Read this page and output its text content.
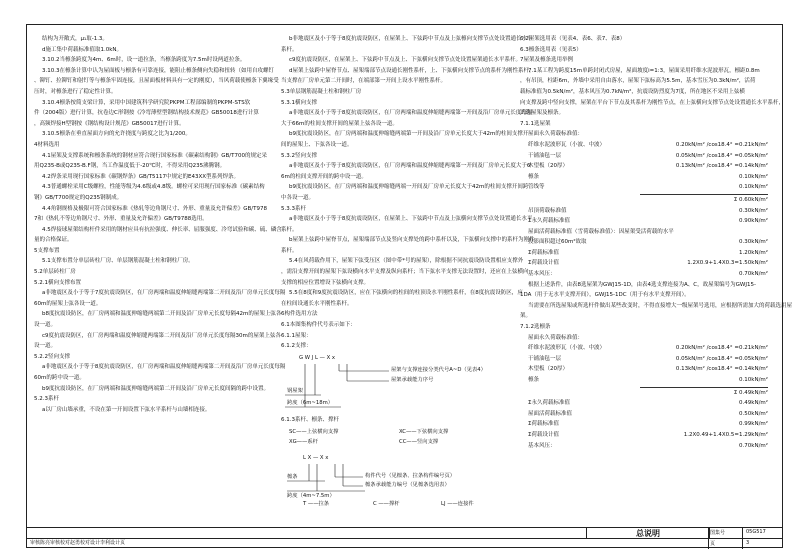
结构为开敞式，μ₁取-1.3。

d施工集中荷载标准值取1.0kN。

3.10.2当檩条跨度为4m、6m时，设一道拉条，当檩条跨度为7.5m时设两道拉条。

3.10.3在檩条计算中认为屋面板与檩条有可靠连接，能阻止檩条侧向失稳和扭转（如用自攻螺钉

、铆钉、拉铆钉和射钉等与檩条牢固连接，且屋面板材料具有一定的刚度），当风荷载使檩条下翼缘受

压时，对檩条进行了稳定性计算。

3.10.4檩条按简支梁计算，采用中国建筑科学研究院PKPM工程部编制的PKPM-STS软

件（2004版）进行计算，抗卷边C形钢按《冷弯薄壁型钢结构技术规范》GB50018进行计算

，高频焊接H型钢按《钢结构设计规范》GB50017进行计算。

3.10.5檩条在垂直屋面方向的允许挠度与跨度之比为1/200。

4材料选用

4.1屋架及支撑系统和檩条系统的钢材应符合现行国家标准《碳素结构钢》GB/T700的规定采

用Q235-B或Q235-B.F钢，当工作温度低于-20℃时，不得采用Q235沸腾钢。

4.2焊条采用现行国家标准《碳钢焊条》GB/T5117中规定的E43XX型系列焊条。

4.3普通螺栓采用C级螺栓，性能等级为4.6级或4.8级。螺栓可采用现行国家标准《碳素结构

钢》GB/T700规定的Q235钢制成。

4.4角钢规格及极限可符合国家标准《热轧等边角钢尺寸、外形、重量及允许偏差》GB/T978

7和《热轧不等边角钢尺寸、外形、重量及允许偏差》GB/T9788选用。

4.5焊接球屋架结构杆件采用的钢材应具有抗拉强度、伸长率、屈服强度、冷弯试验和碳、硫、磷含

量的合格保证。

5支撑布置

5.1支撑布置分单层砖柱厂房、单层钢筋混凝土柱和钢柱厂房。

5.2单层砖柱厂房

5.2.1横向支撑布置

a非地震区及小于等于7度抗震设防区，在厂房两端和温度伸缩缝两端第二开间及沿厂房单元长度每隔

60m的屋架上弦各设一道。

b8度抗震设防区，在厂房两端和温度伸缩缝两端第二开间及沿厂房单元长度每隔42m的屋架上弦各

设一道。

c9度抗震设防区，在厂房两端和温度伸缩缝两端第二开间及沿厂房单元长度每隔30m的屋架上弦各

设一道。

5.2.2竖向支撑

a非地震区及小于等于8度抗震设防区，在厂房两端和温度伸缩缝两端第二开间及沿厂房单元长度每隔

60m的跨中设一道。

b9度抗震设防区，在厂房两端和温度伸缩缝两端第二开间及沿厂房单元长度间隔的跨中设置。

5.2.3系杆

a以厂房山墙承重，不设在第一开间设置下弦水平系杆与山墙相连接。

b非地震区及小于等于8度抗震设防区，在屋架上、下弦跨中节点及上弦檩向支撑节点处设置通长水平

系杆。

c9度抗震设防区，在屋架上、下弦跨中节点及上、下弦横向支撑节点处设置屋架通长水平系杆。

d屋架上弦跨中屋脊节点、屋架端部节点设通长刚性系杆，上、下弦横向支撑节点的系杆为刚性系杆，

当支撑在厂房单元第二开间时，在端部第一开间上设水平刚性系杆。

5.3单层钢筋混凝土柱和钢柱厂房

5.3.1横向支撑

a非地震区及小于等于8度抗震设防区，在厂房两端和温度伸缩缝两端第一开间及沿厂房单元长度每隔

大于66m的柱间支撑开间的屋架上弦各设一道。

b9度抗震设防区，在厂房两端和温度伸缩缝两端第一开间及沿厂房单元长度大于42m的柱间支撑开

间的屋架上、下弦各设一道。

5.3.2竖向支撑

a非地震区及小于等于8度抗震设防区，在厂房两端和温度伸缩缝两端第一开间及厂房单元长度大于6

6m的柱间支撑开间的跨中设一道。

b9度抗震设防区，在厂房两端和温度伸缩缝两端一开间及厂房单元长度大于42m的柱间支撑开间跨

中各设一道。

5.3.3系杆

a非地震区及小于等于8度抗震设防区，在屋架上、下弦跨中节点及上弦横向支撑节点处设置通长水平

系杆。

b屋架上弦跨中屋脊节点，屋架端部节点及竖向支撑处的跨中系杆以及，下弦横向支撑中的系杆为刚性

系杆。

5.4在风荷载作用下，屋架下弦受压区（图中带*号的屋架），除根据不同抗震设防设置相应支撑外

，需沿支撑开间的屋架下弦设横向水平支撑及纵向系杆；当下弦水平支撑无法设置时，还应在上弦横向

支撑的相应位置增设下弦横向支撑。

5.5在8度和9度抗震设防区，应在下弦横向的柱间的柱顶设水平刚性系杆，在8度抗震设防区，应

在柱间设通长水平刚性系杆。

6构件选用方法

6.1本图集构件代号表示如下：

6.1.1屋架：

6.1.2支撑：

G W J L — X x
钢屋架
跨度（6m~18m）
屋架与支撑连接分类代号A~D（见表4）
屋架承载能力序号

6.1.3系杆、檩条、撑杆

SC——上弦横向支撑	XC——下弦横向支撑
XG——系杆	CC——竖向支撑

L X — X x
檩条
跨度（4m~7.5m）
构件代号（见檩条、拉条构件编号页）
檩条承载能力编号（见檩条选用表）
T ——拉条	C ——撑杆	LJ ——连接件

6.2屋架选用表（见表4、表6、表7、表8）

6.3檩条选用表（见表5）

7屋架及檩条选用举例

7.1某工程为跨度15m单跨封闭式房屋，屋面坡度i=1:3，屋面采用纤维水泥波形瓦，檩距0.8m

，有吊顶，柱距6m，外墙中采用自由落水，屋架下弦标高为5.5m，基本雪压为0.3kN/m²，活荷

载标准值为0.5kN/m²，基本风压为0.7kN/m²，抗震设防烈度为7度，所在地区不采用上弦横

向支撑及跨中竖向支撑，屋架在平台下节点及其系杆为刚性节点，在上弦横向支撑节点处设置通长水平系杆，

试选屋架及檩条。

7.1.1选屋架

屋面永久荷载标准值：

纤维水泥波形瓦（小波、中波）	0.20kN/m² /cos18.4° =0.21kN/m²
干铺油毡一层	0.05kN/m² /cos18.4° =0.05kN/m²
木望板（20厚）	0.13kN/m² /cos18.4° =0.14kN/m²
檩条	0.10kN/m²
管线等	0.10kN/m²
Σ 0.60kN/m²
吊顶荷载标准值	0.30kN/m²
Σ永久荷载标准值	0.90kN/m²
屋面活荷载标准值（雪荷载标准值）：因屋架受活荷载的水平
投影面积超过60m²故取	0.30kN/m²
Σ荷载标准值	1.20kN/m²
Σ荷载设计值	1.2X0.9+1.4X0.3=1.50kN/m²
基本风压：	0.70kN/m²

根据上述条件，由表8选屋架为GWJ15-1D，由表4选支撑连接为A、C，故屋架编号为GWJ15-

1DA（用于无水平支撑开间），GWJ15-1DC（用于有水平支撑开间）。

当需要在所选屋架或所选杆件做出某些改变时，不得直接增大一级屋架号选用，应根据所需加大的荷载选用屋

架。

7.1.2选檩条

屋面永久荷载标准值：

纤维水泥波形瓦（小波、中波）	0.20kN/m² /cos18.4° =0.21kN/m²
干铺油毡一层	0.05kN/m² /cos18.4° =0.05kN/m²
木望板（20厚）	0.13kN/m² /cos18.4° =0.14kN/m²
檩条	0.10kN/m²
Σ 0.49kN/m²
Σ永久荷载标准值	0.49kN/m²
屋面活荷载标准值	0.50kN/m²
Σ荷载标准值	0.99kN/m²
Σ荷载设计值	1.2X0.49+1.4X0.5=1.29kN/m²
基本风压：	0.70kN/m²
审核陈亮审核校对赵勇校对设计李利设计页
总说明	图集号	05G517
页	3
